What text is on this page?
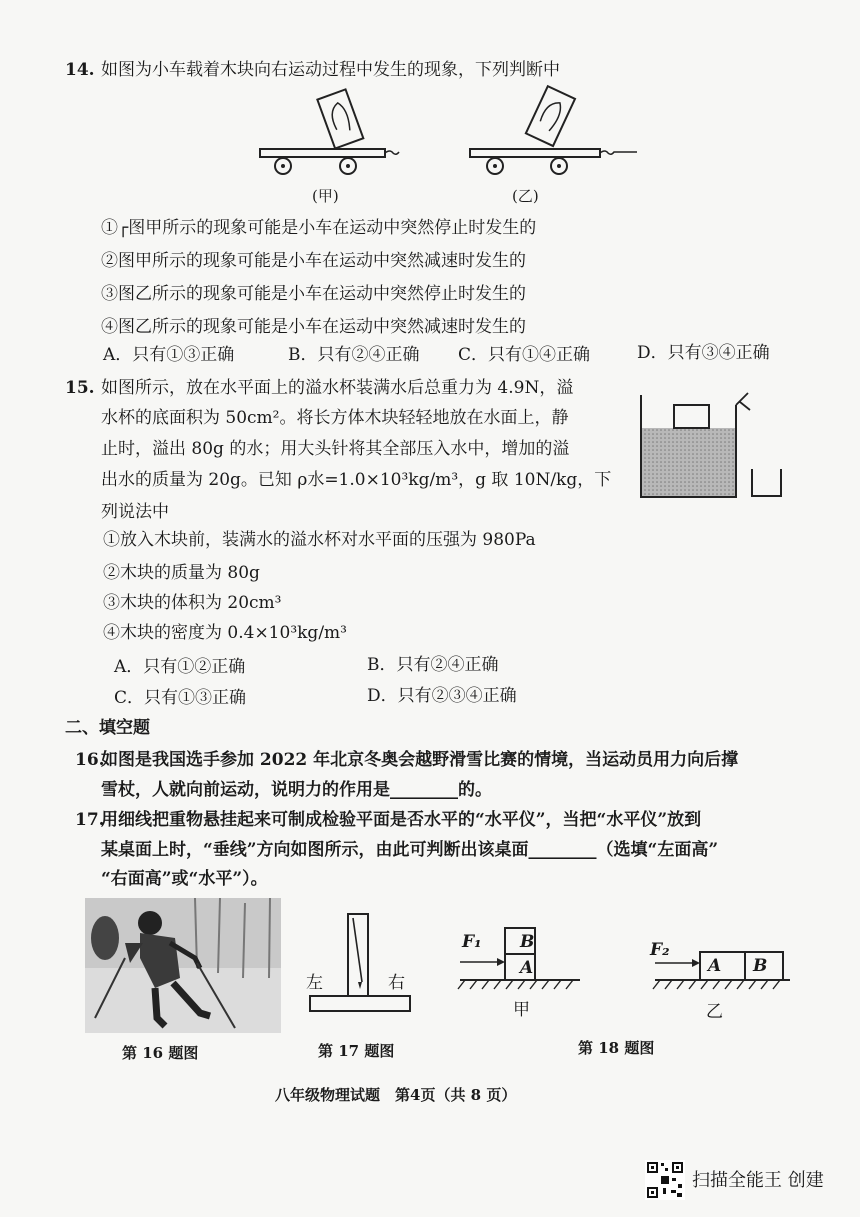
14. 如图为小车载着木块向右运动过程中发生的现象，下列判断中
(甲)	(乙)
①┌图甲所示的现象可能是小车在运动中突然停止时发生的
②图甲所示的现象可能是小车在运动中突然减速时发生的
③图乙所示的现象可能是小车在运动中突然停止时发生的
④图乙所示的现象可能是小车在运动中突然减速时发生的
A．只有①③正确	B．只有②④正确 C．只有①④正确	D．只有③④正确
15. 如图所示，放在水平面上的溢水杯装满水后总重力为 4.9N，溢
水杯的底面积为 50cm²。将长方体木块轻轻地放在水面上，静
止时，溢出 80g 的水；用大头针将其全部压入水中，增加的溢
出水的质量为 20g。已知 ρ水=1.0×10³kg/m³，g 取 10N/kg，下
列说法中
①放入木块前，装满水的溢水杯对水平面的压强为 980Pa
②木块的质量为 80g
③木块的体积为 20cm³
④木块的密度为 0.4×10³kg/m³
A．只有①②正确	B．只有②④正确
C．只有①③正确	D．只有②③④正确
二、填空题
16.
如图是我国选手参加 2022 年北京冬奥会越野滑雪比赛的情境，当运动员用力向后撑
雪杖，人就向前运动，说明力的作用是________的。
17.
用细线把重物悬挂起来可制成检验平面是否水平的“水平仪”，当把“水平仪”放到
某桌面上时，“垂线”方向如图所示，由此可判断出该桌面________（选填“左面高”
“右面高”或“水平”）。
左	右
F₁ B
A
甲
F₂
A B
乙
第 16 题图	第 17 题图	第 18 题图
八年级物理试题　第4页（共 8 页）
扫描全能王 创建
